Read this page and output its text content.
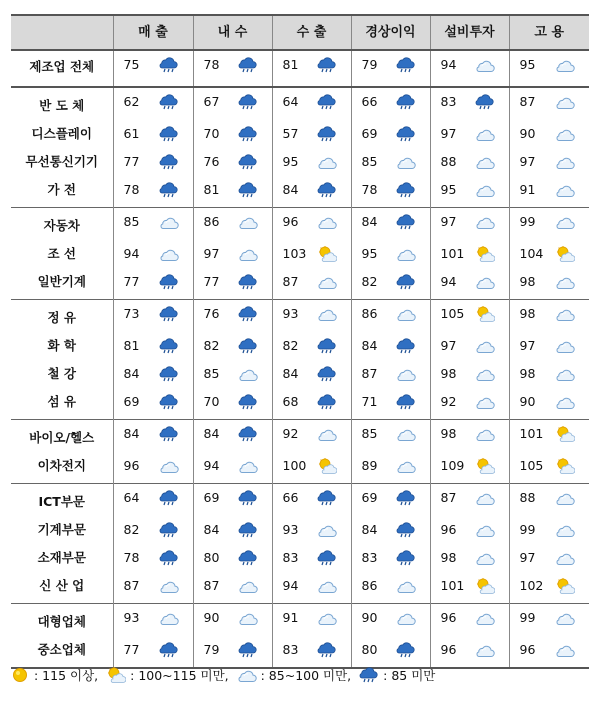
	매 출	내 수	수 출	경상이익	설비투자	고 용
제조업 전체	75	78	81	79	94	95

반 도 체	62	67	64	66	83	87

디스플레이	61	70	57	69	97	90

무선통신기기	77	76	95	85	88	97

가 전	78	81	84	78	95	91

자동차	85	86	96	84	97	99

조 선	94	97	103	95	101	104

일반기계	77	77	87	82	94	98

정 유	73	76	93	86	105	98

화 학	81	82	82	84	97	97

철 강	84	85	84	87	98	98

섬 유	69	70	68	71	92	90

바이오/헬스	84	84	92	85	98	101

이차전지	96	94	100	89	109	105

ICT부문	64	69	66	69	87	88

기계부문	82	84	93	84	96	99

소재부문	78	80	83	83	98	97

신 산 업	87	87	94	86	101	102

대형업체	93	90	91	90	96	99

중소업체	77	79	83	80	96	96
: 115 이상,	: 100~115 미만,	: 85~100 미만,	: 85 미만
